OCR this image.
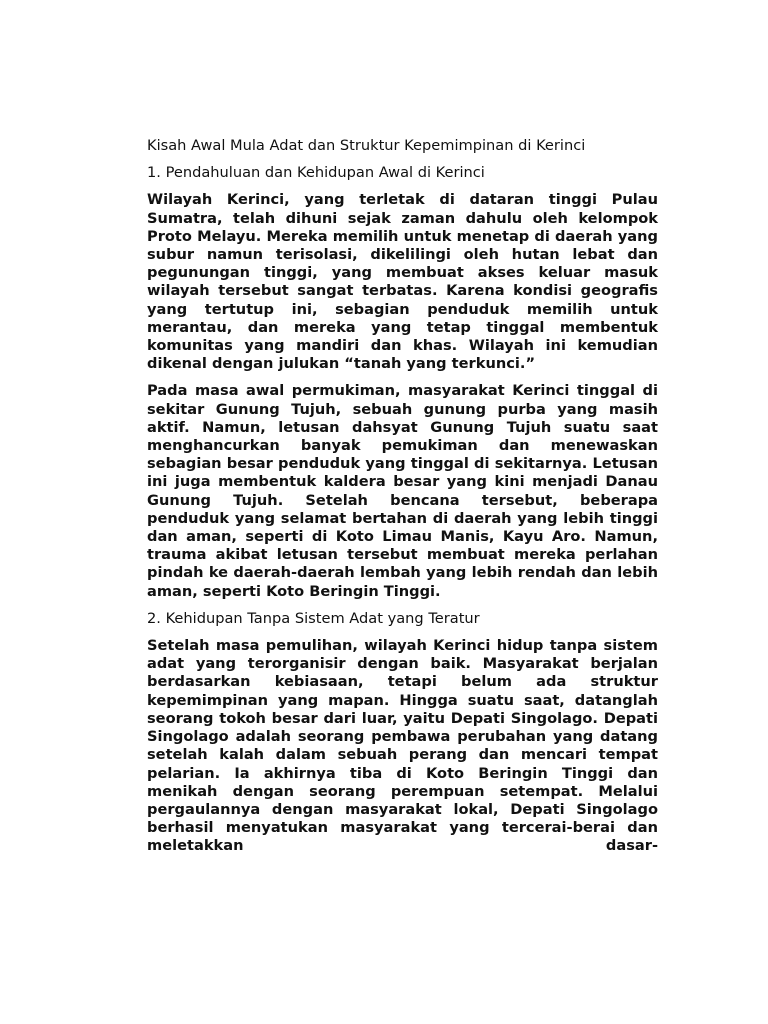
Kisah Awal Mula Adat dan Struktur Kepemimpinan di Kerinci

1. Pendahuluan dan Kehidupan Awal di Kerinci

Wilayah Kerinci, yang terletak di dataran tinggi Pulau Sumatra, telah dihuni sejak zaman dahulu oleh kelompok Proto Melayu. Mereka memilih untuk menetap di daerah yang subur namun terisolasi, dikelilingi oleh hutan lebat dan pegunungan tinggi, yang membuat akses keluar masuk wilayah tersebut sangat terbatas. Karena kondisi geografis yang tertutup ini, sebagian penduduk memilih untuk merantau, dan mereka yang tetap tinggal membentuk komunitas yang mandiri dan khas. Wilayah ini kemudian dikenal dengan julukan “tanah yang terkunci.”

Pada masa awal permukiman, masyarakat Kerinci tinggal di sekitar Gunung Tujuh, sebuah gunung purba yang masih aktif. Namun, letusan dahsyat Gunung Tujuh suatu saat menghancurkan banyak pemukiman dan menewaskan sebagian besar penduduk yang tinggal di sekitarnya. Letusan ini juga membentuk kaldera besar yang kini menjadi Danau Gunung Tujuh. Setelah bencana tersebut, beberapa penduduk yang selamat bertahan di daerah yang lebih tinggi dan aman, seperti di Koto Limau Manis, Kayu Aro. Namun, trauma akibat letusan tersebut membuat mereka perlahan pindah ke daerah-daerah lembah yang lebih rendah dan lebih aman, seperti Koto Beringin Tinggi.

2. Kehidupan Tanpa Sistem Adat yang Teratur

Setelah masa pemulihan, wilayah Kerinci hidup tanpa sistem adat yang terorganisir dengan baik. Masyarakat berjalan berdasarkan kebiasaan, tetapi belum ada struktur kepemimpinan yang mapan. Hingga suatu saat, datanglah seorang tokoh besar dari luar, yaitu Depati Singolago. Depati Singolago adalah seorang pembawa perubahan yang datang setelah kalah dalam sebuah perang dan mencari tempat pelarian. Ia akhirnya tiba di Koto Beringin Tinggi dan menikah dengan seorang perempuan setempat. Melalui pergaulannya dengan masyarakat lokal, Depati Singolago berhasil menyatukan masyarakat yang tercerai-berai dan meletakkan dasar-
